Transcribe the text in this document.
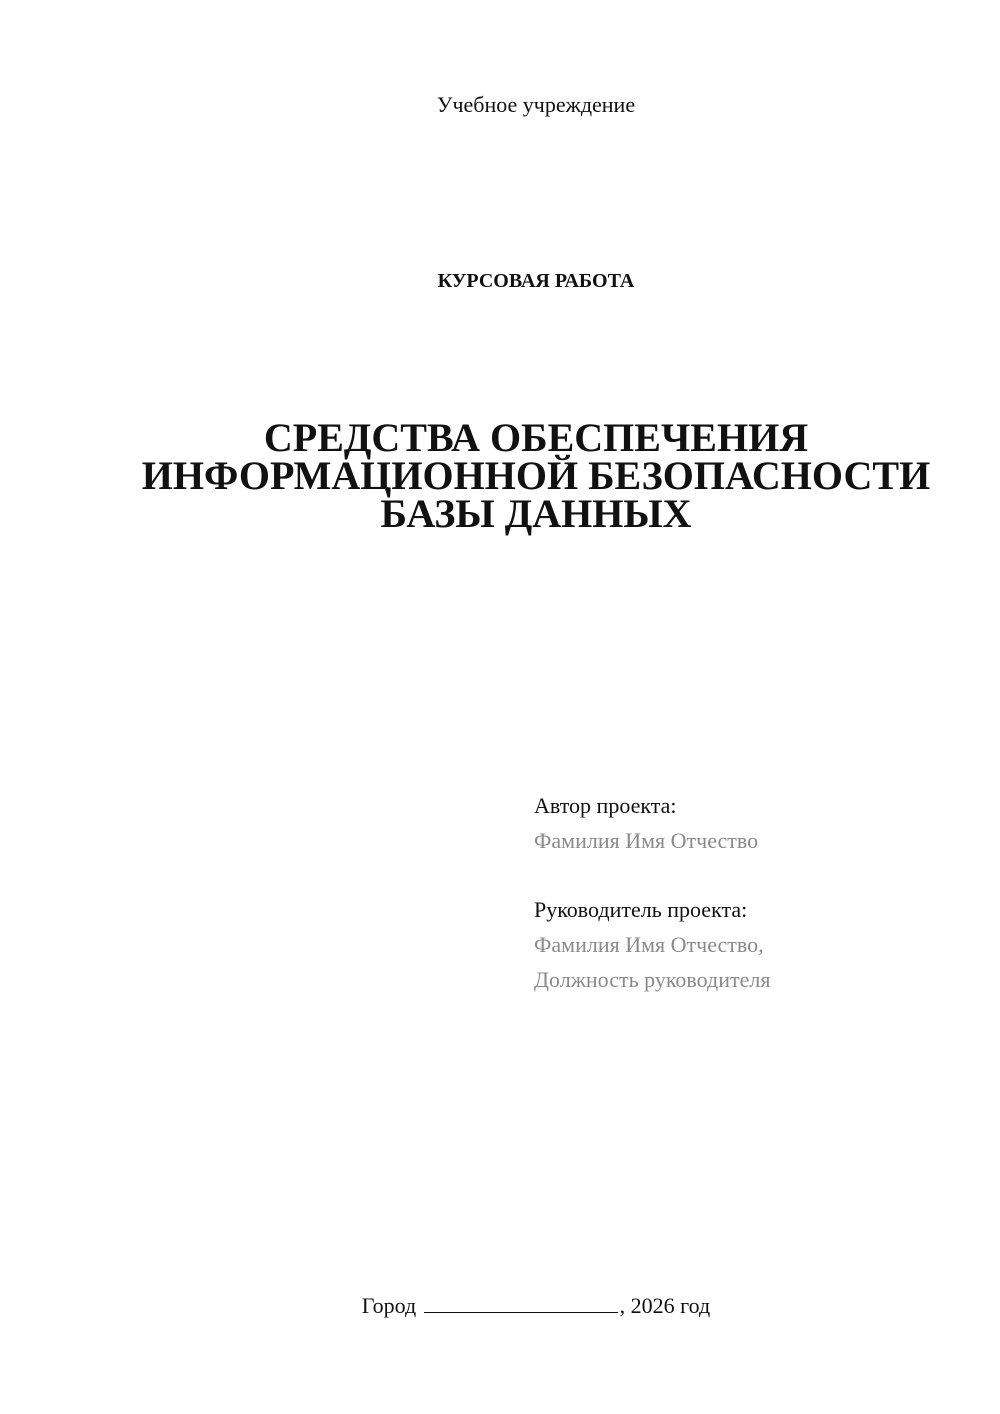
Учебное учреждение
КУРСОВАЯ РАБОТА
СРЕДСТВА ОБЕСПЕЧЕНИЯ
ИНФОРМАЦИОННОЙ БЕЗОПАСНОСТИ
БАЗЫ ДАННЫХ
Автор проекта:
Фамилия Имя Отчество
Руководитель проекта:
Фамилия Имя Отчество,
Должность руководителя
Город	, 2026 год
